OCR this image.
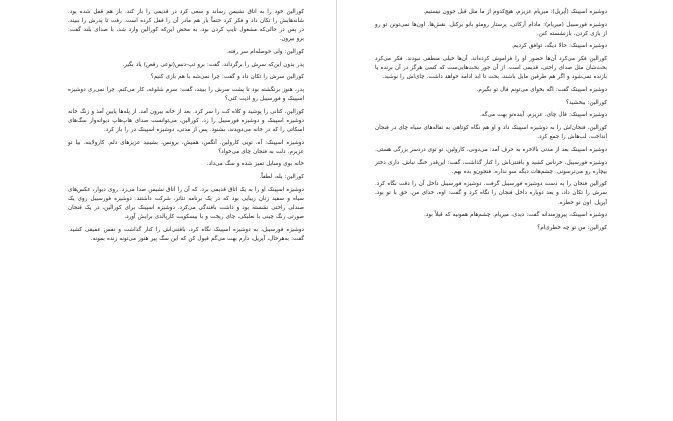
کورالین خود را به اتاق نشیمن رساند و سعی کرد در قدیمی را باز کند. باز هم قفل شده بود. شانه‌هایش را تکان داد و فکر کرد حتماً بار هم مادر آن را قفل کرده است. رفت تا پدرش را ببیند. در پس در حالی‌که مشغول تایپ کردن بود، به محض این‌که کورالین وارد شد، با صدای بلند گفت: برو بیرون.

کورالین: ولی حوصله‌ام سر رفته.

پدر بدون این‌که سرش را برگرداند، گفت: برو تپ-دنس(نوعی رقص) یاد بگیر.

کورالین سرش را تکان داد و گفت: چرا نمی‌شه با هم بازی کنیم؟

پدر، هنوز برنگشته بود تا پشت سرش را ببیند، گفت: سرم شلوغه، کار می‌کنم. چرا نمی‌ری دوشیزه اسپینک و فورسیبل رو اذیت کنی؟

کورالین، کتانی را پوشید و کلاه کت را سر کرد. بعد از خانه بیرون آمد. از پله‌ها پایین آمد و زنگ خانه دوشیزه اسپینک و دوشیزه فورسیبل را زد. کورالین، می‌توانست صدای هاپ‌هاپ دیوانه‌وار سگ‌های اسکاتی را که در خانه می‌دویدند، بشنود. پس از مدتی، دوشیزه اسپینک در را باز کرد.

دوشیزه اسپینک: آه، تویی کارولین. آنگس، همیش، برونس، بشینید عزیزهای دلم. کارولاینه. بیا تو عزیزم. دلت به فنجان چای می‌خواد؟

خانه بوی وسایل تمیز شده و سگ می‌داد.

کورالین: بله، لطفاً.

دوشیزه اسپینک او را به یک اتاق قدیمی برد. که آن را اتاق نشیمن صدا می‌زد. روی دیوار، عکس‌های سیاه و سفید زنان زیبایی بود که در یک برنامه تئاتر، شرکت داشتند. دوشیزه فورسیبل روی یک صندلی راحتی نشسته بود و داشت بافندگی می‌کرد. دوشیزه اسپینک برای کورالین، در یک فنجان صورتی رنگ چینی با نعلبکی، چای ریخت و با بیسکویت کارپالدی برایش آورد.

دوشیزه فورسیبل، به دوشیزه اسپینک نگاه کرد، بافتنی‌اش را کنار گذاشت و نفس عمیقی کشید. گفت: به‌هرحال، آپریل، دارم بهت می‌گم قبول کن که این سگ پیر هنوز می‌تونه زنده بمونه.

دوشیزه اسپینک (آپریل): میریام عزیزم، هیچ‌کدوم از ما مثل قبل جوون نیستیم.

دوشیزه فورسیبل (میریام): مادام آرکاتی، پرستار رومئو بانو برکنل. نقش‌ها. اون‌ها نمی‌تونن تو رو از بازی کردن، بازنشسته کنن.

دوشیزه اسپینک: حالا دیگه، توافق کردیم.

کورالین فکر می‌کرد آن‌ها حضور او را فراموش کرده‌اند. آن‌ها خیلی منطقی نبودند. فکر می‌کرد بحث‌شان مثل صدای راحتی، قدیمی است. از آن جور بحث‌هایی‌ست که کسی هرگز در آن برنده یا بازنده نمی‌شود و اگر هم طرفین مایل باشند، بحث تا ابد ادامه خواهد داشت. چای‌اش را نوشید.

دوشیزه اسپینک گفت: اگه بخوای می‌تونم فال تو بگیرم.

کورالین: ببخشید؟

دوشیزه اسپینک: فال چای، عزیزم. آینده‌تو بهت می‌گه.

کورالین، فنجان‌اش را به دوشیزه اسپینک داد و او هم نگاه کوتاهی به تفاله‌های سیاه چای در فنجان انداخت. لب‌هاش را جمع کرد.

دوشیزه اسپینک بعد از مدتی بالاخره به حرف آمد: می‌دونی، کارولین، تو توی دردسر بزرگی هستی.

دوشیزه فورسیبل، خرناس کشید و بافتنی‌اش را کنار گذاشت، گفت: این‌قدر خنگ نباش. داری دختر بیچاره رو می‌ترسونی. چشم‌هات دیگه سو نداره. فنجون‌و بده بهم.

کورالین فنجان را به دست دوشیزه فورسیبل گرفت. دوشیزه فورسیبل داخل آن را دقت نگاه کرد. سرش را تکان داد، و بعد دوباره داخل فنجان را نگاه کرد و گفت: اوه، خدای من. حق با تو بود، آپریل. اون تو خطره.

دوشیزه اسپینک، پیروزمندانه گفت: دیدی، میریام. چشم‌هام همونیه که قبلاً بود.

کورالین: من تو چه خطری‌ام؟
